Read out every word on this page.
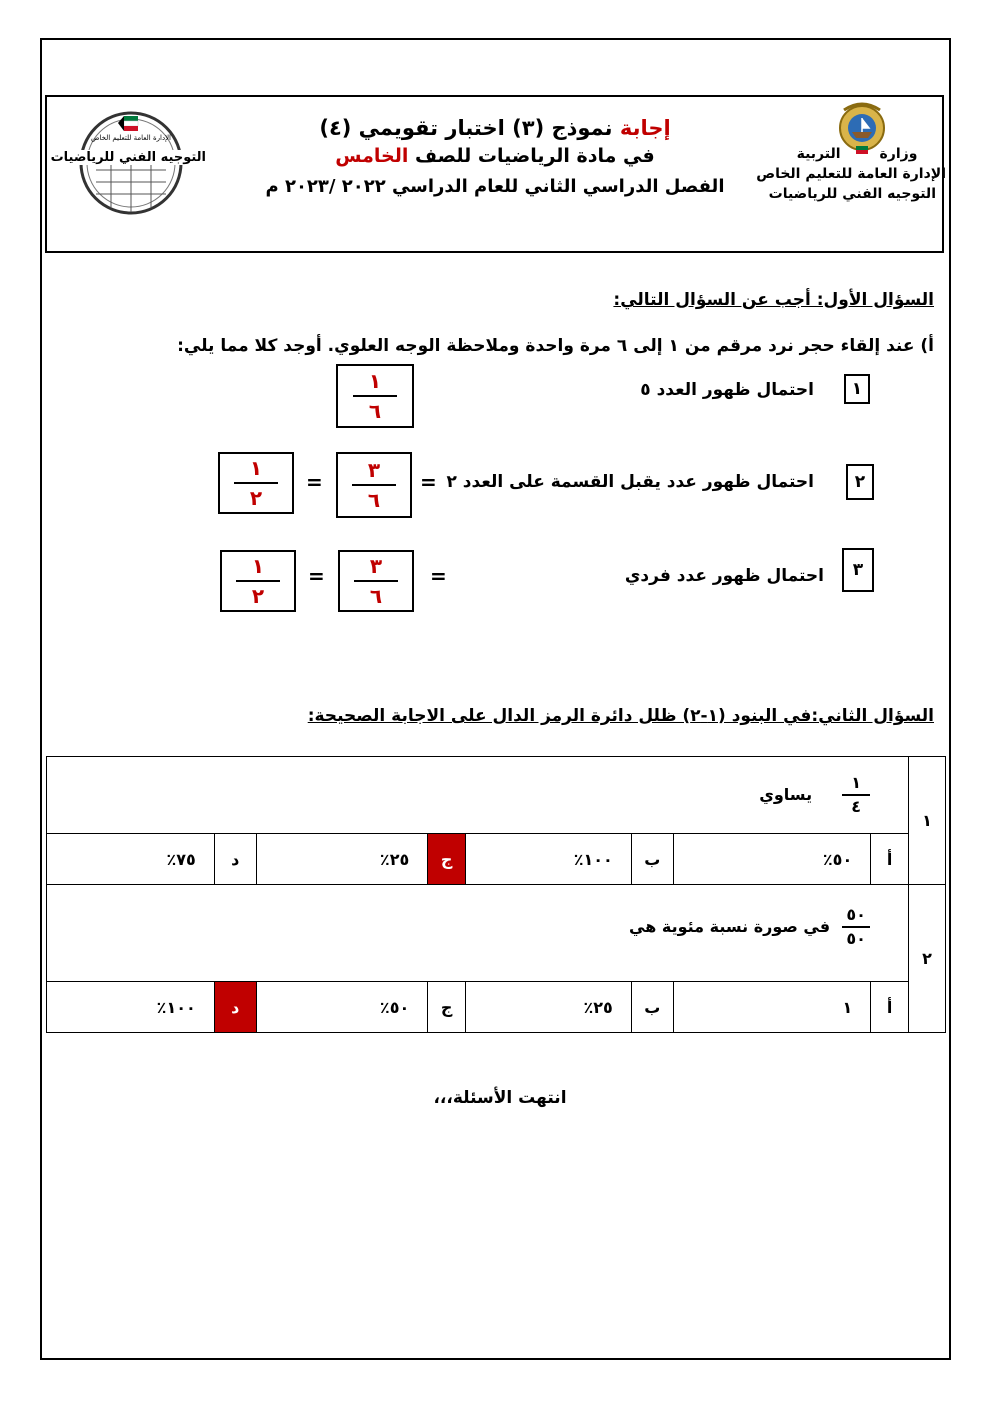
إجابة نموذج (٣) اختبار تقويمي (٤)
في مادة الرياضيات للصف الخامس
الفصل الدراسي الثاني للعام الدراسي ٢٠٢٢ /٢٠٢٣ م
وزارة        التربية
الإدارة العامة للتعليم الخاص
التوجيه الفني للرياضيات
الإدارة العامة للتعليم الخاص
التوجيه الفني للرياضيات
السؤال الأول: أجب عن السؤال التالي:
أ) عند إلقاء حجر نرد مرقم من ١ إلى ٦ مرة واحدة وملاحظة الوجه العلوي. أوجد كلا مما يلي:
١
احتمال ظهور العدد ٥
١
٦
٢
احتمال ظهور عدد يقبل القسمة على العدد ٢
=
٣
٦
=
١
٢
٣
احتمال ظهور عدد فردي
=
٣
٦
=
١
٢
السؤال الثاني:في البنود (١-٢) ظلل دائرة الرمز الدال على الاجابة الصحيحة:
١	$\frac{١}{٤}$
يساوي							

	أ	٥٠٪	ب	١٠٠٪	ج	٢٥٪	د	٧٥٪
٢	$\frac{٥٠}{٥٠}$
في صورة نسبة مئوية هي							

	أ	١	ب	٢٥٪	ج	٥٠٪	د	١٠٠٪
انتهت الأسئلة،،،
